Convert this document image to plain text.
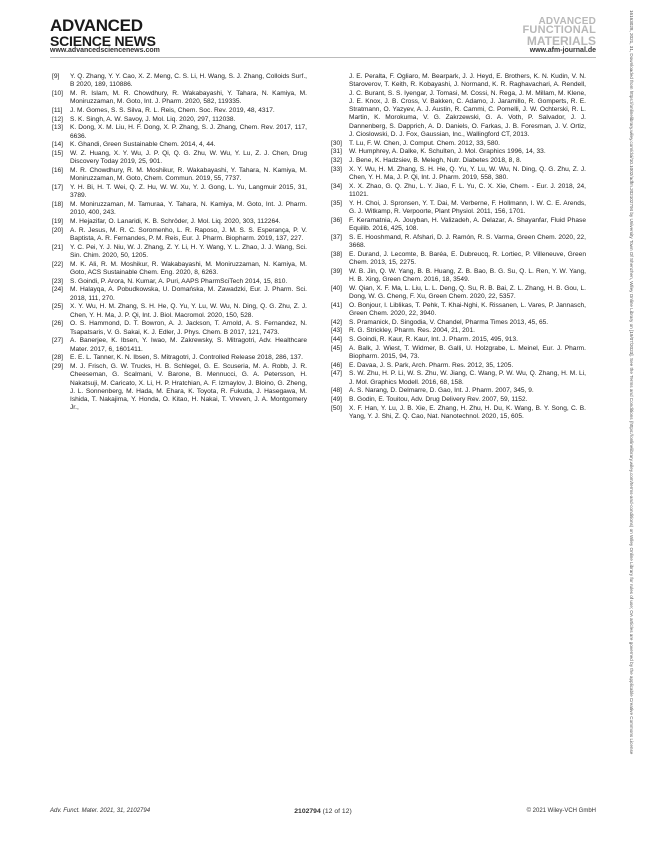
ADVANCED
SCIENCE NEWS
ADVANCED
FUNCTIONAL
MATERIALS
www.advancedsciencenews.com	www.afm-journal.de
[9] Y. Q. Zhang, Y. Y. Cao, X. Z. Meng, C. S. Li, H. Wang, S. J. Zhang, Colloids Surf., B 2020, 189, 110886.
[10] M. R. Islam, M. R. Chowdhury, R. Wakabayashi, Y. Tahara, N. Kamiya, M. Moniruzzaman, M. Goto, Int. J. Pharm. 2020, 582, 119335.
[11] J. M. Gomes, S. S. Silva, R. L. Reis, Chem. Soc. Rev. 2019, 48, 4317.
[12] S. K. Singh, A. W. Savoy, J. Mol. Liq. 2020, 297, 112038.
[13] K. Dong, X. M. Liu, H. F. Dong, X. P. Zhang, S. J. Zhang, Chem. Rev. 2017, 117, 6636.
[14] K. Ghandi, Green Sustainable Chem. 2014, 4, 44.
[15] W. Z. Huang, X. Y. Wu, J. P. Qi, Q. G. Zhu, W. Wu, Y. Lu, Z. J. Chen, Drug Discovery Today 2019, 25, 901.
[16] M. R. Chowdhury, R. M. Moshikur, R. Wakabayashi, Y. Tahara, N. Kamiya, M. Moniruzzaman, M. Goto, Chem. Commun. 2019, 55, 7737.
[17] Y. H. Bi, H. T. Wei, Q. Z. Hu, W. W. Xu, Y. J. Gong, L. Yu, Langmuir 2015, 31, 3789.
[18] M. Moniruzzaman, M. Tamuraa, Y. Tahara, N. Kamiya, M. Goto, Int. J. Pharm. 2010, 400, 243.
[19] M. Hejazifar, O. Lanaridi, K. B. Schröder, J. Mol. Liq. 2020, 303, 112264.
[20] A. R. Jesus, M. R. C. Soromenho, L. R. Raposo, J. M. S. S. Esperança, P. V. Baptista, A. R. Fernandes, P. M. Reis, Eur. J. Pharm. Biopharm. 2019, 137, 227.
[21] Y. C. Pei, Y. J. Niu, W. J. Zhang, Z. Y. Li, H. Y. Wang, Y. L. Zhao, J. J. Wang, Sci. Sin. Chim. 2020, 50, 1205.
[22] M. K. Ali, R. M. Moshikur, R. Wakabayashi, M. Moniruzzaman, N. Kamiya, M. Goto, ACS Sustainable Chem. Eng. 2020, 8, 6263.
[23] S. Goindi, P. Arora, N. Kumar, A. Puri, AAPS PharmSciTech 2014, 15, 810.
[24] M. Halayqa, A. Pobudkowska, U. Domańska, M. Zawadzki, Eur. J. Pharm. Sci. 2018, 111, 270.
[25] X. Y. Wu, H. M. Zhang, S. H. He, Q. Yu, Y. Lu, W. Wu, N. Ding, Q. G. Zhu, Z. J. Chen, Y. H. Ma, J. P. Qi, Int. J. Biol. Macromol. 2020, 150, 528.
[26] O. S. Hammond, D. T. Bowron, A. J. Jackson, T. Arnold, A. S. Fernandez, N. Tsapatsaris, V. G. Sakai, K. J. Edler, J. Phys. Chem. B 2017, 121, 7473.
[27] A. Banerjee, K. Ibsen, Y. Iwao, M. Zakrewsky, S. Mitragotri, Adv. Healthcare Mater. 2017, 6, 1601411.
[28] E. E. L. Tanner, K. N. Ibsen, S. Mitragotri, J. Controlled Release 2018, 286, 137.
[29] M. J. Frisch, G. W. Trucks, H. B. Schlegel, G. E. Scuseria, M. A. Robb, J. R. Cheeseman, G. Scalmani, V. Barone, B. Mennucci, G. A. Petersson, H. Nakatsuji, M. Caricato, X. Li, H. P. Hratchian, A. F. Izmaylov, J. Bloino, G. Zheng, J. L. Sonnenberg, M. Hada, M. Ehara, K. Toyota, R. Fukuda, J. Hasegawa, M. Ishida, T. Nakajima, Y. Honda, O. Kitao, H. Nakai, T. Vreven, J. A. Montgomery Jr.,
J. E. Peralta, F. Ogliaro, M. Bearpark, J. J. Heyd, E. Brothers, K. N. Kudin, V. N. Staroverov, T. Keith, R. Kobayashi, J. Normand, K. R. Raghavachari, A. Rendell, J. C. Burant, S. S. Iyengar, J. Tomasi, M. Cossi, N. Rega, J. M. Millam, M. Klene, J. E. Knox, J. B. Cross, V. Bakken, C. Adamo, J. Jaramillo, R. Gomperts, R. E. Stratmann, O. Yazyev, A. J. Austin, R. Cammi, C. Pomelli, J. W. Ochterski, R. L. Martin, K. Morokuma, V. G. Zakrzewski, G. A. Voth, P. Salvador, J. J. Dannenberg, S. Dapprich, A. D. Daniels, O. Farkas, J. B. Foresman, J. V. Ortiz, J. Cioslowski, D. J. Fox, Gaussian, Inc., Wallingford CT, 2013.
[30] T. Lu, F. W. Chen, J. Comput. Chem. 2012, 33, 580.
[31] W. Humphrey, A. Dalke, K. Schulten, J. Mol. Graphics 1996, 14, 33.
[32] J. Bene, K. Hadzsiev, B. Melegh, Nutr. Diabetes 2018, 8, 8.
[33] X. Y. Wu, H. M. Zhang, S. H. He, Q. Yu, Y. Lu, W. Wu, N. Ding, Q. G. Zhu, Z. J. Chen, Y. H. Ma, J. P. Qi, Int. J. Pharm. 2019, 558, 380.
[34] X. X. Zhao, G. Q. Zhu, L. Y. Jiao, F. L. Yu, C. X. Xie, Chem. - Eur. J. 2018, 24, 11021.
[35] Y. H. Choi, J. Spronsen, Y. T. Dai, M. Verberne, F. Hollmann, I. W. C. E. Arends, G. J. Witkamp, R. Verpoorte, Plant Physiol. 2011, 156, 1701.
[36] F. Keramatnia, A. Jouyban, H. Valizadeh, A. Delazar, A. Shayanfar, Fluid Phase Equilib. 2016, 425, 108.
[37] S. E. Hooshmand, R. Afshari, D. J. Ramón, R. S. Varma, Green Chem. 2020, 22, 3668.
[38] E. Durand, J. Lecomte, B. Baréa, E. Dubreucq, R. Lortiec, P. Villeneuve, Green Chem. 2013, 15, 2275.
[39] W. B. Jin, Q. W. Yang, B. B. Huang, Z. B. Bao, B. G. Su, Q. L. Ren, Y. W. Yang, H. B. Xing, Green Chem. 2016, 18, 3549.
[40] W. Qian, X. F. Ma, L. Liu, L. L. Deng, Q. Su, R. B. Bai, Z. L. Zhang, H. B. Gou, L. Dong, W. G. Cheng, F. Xu, Green Chem. 2020, 22, 5357.
[41] O. Bonjour, I. Liblikas, T. Pehk, T. Khai-Nghi, K. Rissanen, L. Vares, P. Jannasch, Green Chem. 2020, 22, 3940.
[42] S. Pramanick, D. Singodia, V. Chandel, Pharma Times 2013, 45, 65.
[43] R. G. Strickley, Pharm. Res. 2004, 21, 201.
[44] S. Goindi, R. Kaur, R. Kaur, Int. J. Pharm. 2015, 495, 913.
[45] A. Balk, J. Wiest, T. Widmer, B. Galli, U. Holzgrabe, L. Meinel, Eur. J. Pharm. Biopharm. 2015, 94, 73.
[46] E. Davaa, J. S. Park, Arch. Pharm. Res. 2012, 35, 1205.
[47] S. W. Zhu, H. P. Li, W. S. Zhu, W. Jiang, C. Wang, P. W. Wu, Q. Zhang, H. M. Li, J. Mol. Graphics Modell. 2016, 68, 158.
[48] A. S. Narang, D. Delmarre, D. Gao, Int. J. Pharm. 2007, 345, 9.
[49] B. Godin, E. Touitou, Adv. Drug Delivery Rev. 2007, 59, 1152.
[50] X. F. Han, Y. Lu, J. B. Xie, E. Zhang, H. Zhu, H. Du, K. Wang, B. Y. Song, C. B. Yang, Y. J. Shi, Z. Q. Cao, Nat. Nanotechnol. 2020, 15, 605.
Adv. Funct. Mater. 2021, 31, 2102794	2102794 (12 of 12)	© 2021 Wiley-VCH GmbH
16163028, 2021, 31, Downloaded from https://onlinelibrary.wiley.com/doi/10.1002/adfm.202102794 by University Town Of Shenzhen, Wiley Online Library on [19/07/2023]. See the Terms and Conditions (https://onlinelibrary.wiley.com/terms-and-conditions) on Wiley Online Library for rules of use; OA articles are governed by the applicable Creative Commons License
